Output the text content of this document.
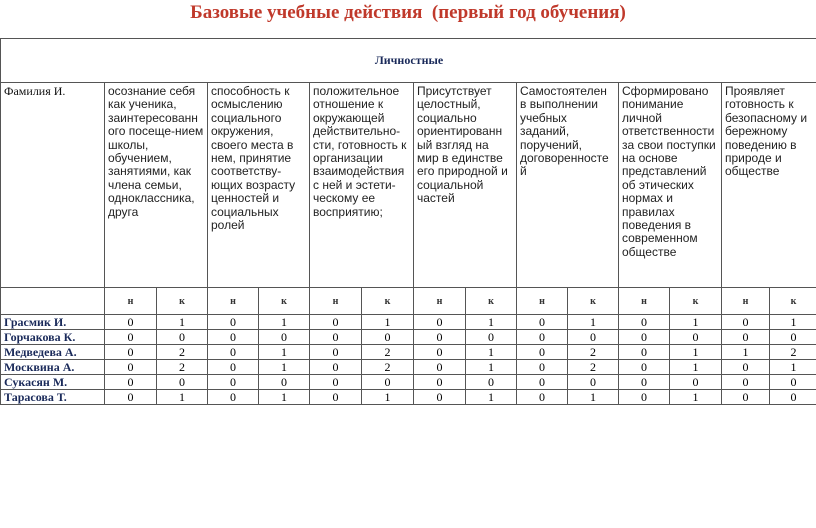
Базовые учебные действия  (первый год обучения)
Личностные														
Фамилия И.	осознание себя как ученика, заинтересованн ого посеще-нием школы, обучением, занятиями, как члена семьи, одноклассника, друга		способность к осмыслению социального окружения, своего места в нем, принятие соответству-ющих возрасту ценностей и социальных ролей		положительное отношение к окружающей действительно-сти, готовность к организации взаимодействия с ней и эстети-ческому ее восприятию;		Присутствует целостный, социально ориентированн ый взгляд на мир в единстве его природной и социальной частей		Самостоятелен в выполнении учебных заданий, поручений, договоренносте й		Сформировано понимание личной ответственности за свои поступки на основе представлений об этических нормах и правилах поведения в современном обществе		Проявляет готовность к безопасному и бережному поведению в природе и обществе	
	н	к	н	к	н	к	н	к	н	к	н	к	н	к
Грасмик И.	0	1	0	1	0	1	0	1	0	1	0	1	0	1
Горчакова К.	0	0	0	0	0	0	0	0	0	0	0	0	0	0
Медведева А.	0	2	0	1	0	2	0	1	0	2	0	1	1	2
Москвина А.	0	2	0	1	0	2	0	1	0	2	0	1	0	1
Сукасян М.	0	0	0	0	0	0	0	0	0	0	0	0	0	0
Тарасова Т.	0	1	0	1	0	1	0	1	0	1	0	1	0	0
